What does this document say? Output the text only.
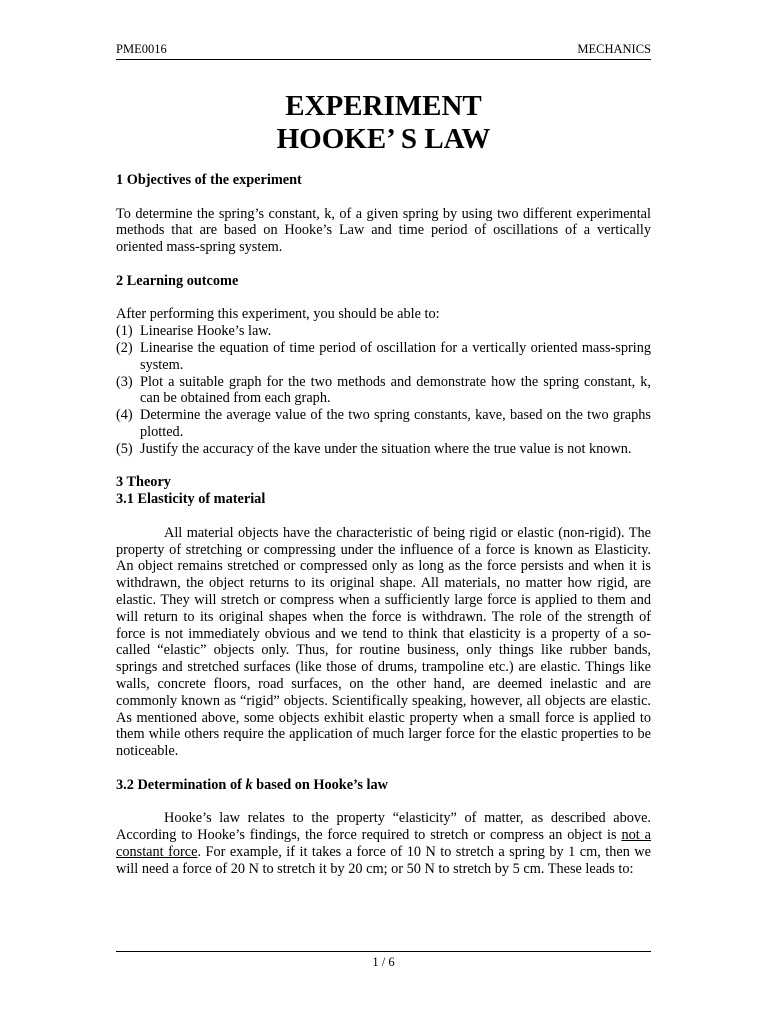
PME0016	MECHANICS
EXPERIMENT
HOOKE’ S LAW
1 Objectives of the experiment

To determine the spring’s constant, k, of a given spring by using two different experimental methods that are based on Hooke’s Law and time period of oscillations of a vertically oriented mass-spring system.

2 Learning outcome

After performing this experiment, you should be able to:

(1) Linearise Hooke’s law.
(2) Linearise the equation of time period of oscillation for a vertically oriented mass-spring system.
(3) Plot a suitable graph for the two methods and demonstrate how the spring constant, k, can be obtained from each graph.
(4) Determine the average value of the two spring constants, kave, based on the two graphs plotted.
(5) Justify the accuracy of the kave under the situation where the true value is not known.
3 Theory
3.1 Elasticity of material

All material objects have the characteristic of being rigid or elastic (non-rigid). The property of stretching or compressing under the influence of a force is known as Elasticity. An object remains stretched or compressed only as long as the force persists and when it is withdrawn, the object returns to its original shape. All materials, no matter how rigid, are elastic. They will stretch or compress when a sufficiently large force is applied to them and will return to its original shapes when the force is withdrawn. The role of the strength of force is not immediately obvious and we tend to think that elasticity is a property of a so-called “elastic” objects only. Thus, for routine business, only things like rubber bands, springs and stretched surfaces (like those of drums, trampoline etc.) are elastic. Things like walls, concrete floors, road surfaces, on the other hand, are deemed inelastic and are commonly known as “rigid” objects. Scientifically speaking, however, all objects are elastic. As mentioned above, some objects exhibit elastic property when a small force is applied to them while others require the application of much larger force for the elastic properties to be noticeable.

3.2 Determination of k based on Hooke’s law

Hooke’s law relates to the property “elasticity” of matter, as described above. According to Hooke’s findings, the force required to stretch or compress an object is not a constant force. For example, if it takes a force of 10 N to stretch a spring by 1 cm, then we will need a force of 20 N to stretch it by 20 cm; or 50 N to stretch by 5 cm. These leads to:

1 / 6
